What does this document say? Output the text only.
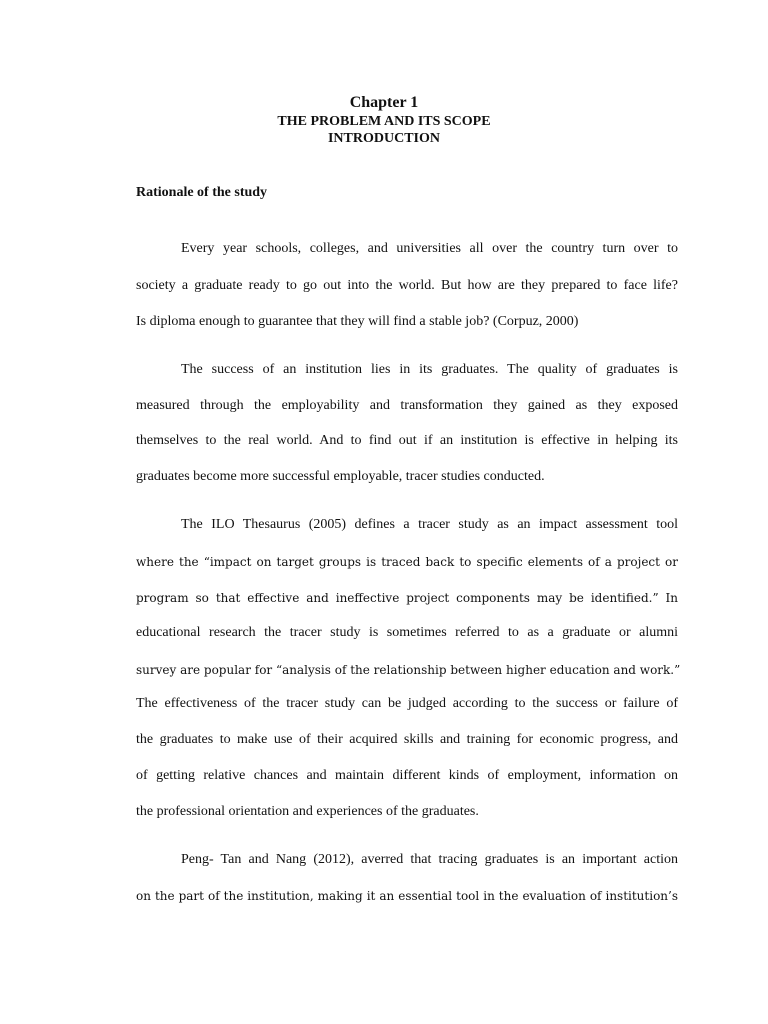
Chapter 1
THE PROBLEM AND ITS SCOPE
INTRODUCTION
Rationale of the study
Every year schools, colleges, and universities all over the country turn over to
society a graduate ready to go out into the world. But how are they prepared to face life?
Is diploma enough to guarantee that they will find a stable job? (Corpuz, 2000)
The success of an institution lies in its graduates. The quality of graduates is
measured through the employability and transformation they gained as they exposed
themselves to the real world. And to find out if an institution is effective in helping its
graduates become more successful employable, tracer studies conducted.
The ILO Thesaurus (2005) defines a tracer study as an impact assessment tool
where the “impact on target groups is traced back to specific elements of a project or
program so that effective and ineffective project components may be identified.” In
educational research the tracer study is sometimes referred to as a graduate or alumni
survey are popular for “analysis of the relationship between higher education and work.”
The effectiveness of the tracer study can be judged according to the success or failure of
the graduates to make use of their acquired skills and training for economic progress, and
of getting relative chances and maintain different kinds of employment, information on
the professional orientation and experiences of the graduates.
Peng- Tan and Nang (2012), averred that tracing graduates is an important action
on the part of the institution, making it an essential tool in the evaluation of institution’s
